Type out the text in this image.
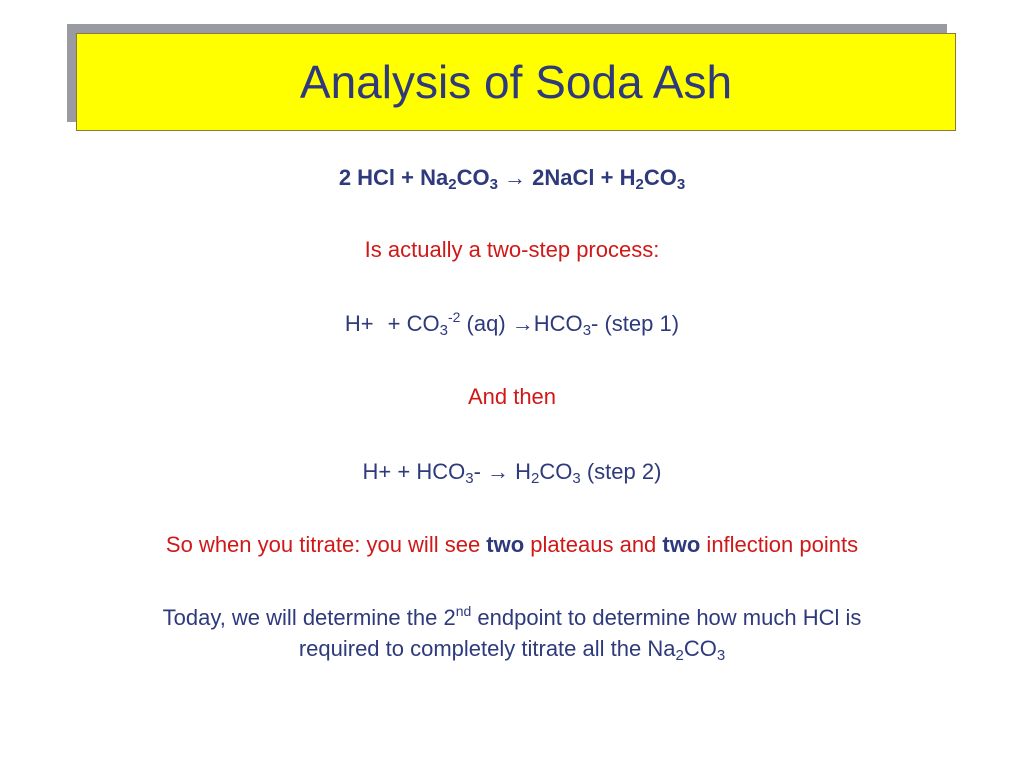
Analysis of Soda Ash
2 HCl + $Na_2CO_3$ → 2NaCl + $H_2CO_3$
Is actually a two-step process:
$H+ + CO_3^{-2}$ $(aq) \to HCO_3-$ (step 1)
And then
$H+ + HCO_3- \to H_2CO_3$ (step 2)
So when you titrate: you will see two plateaus and two inflection points
Today, we will determine the 2nd endpoint to determine how much HCl is
required to completely titrate all the $Na_2CO_3$
